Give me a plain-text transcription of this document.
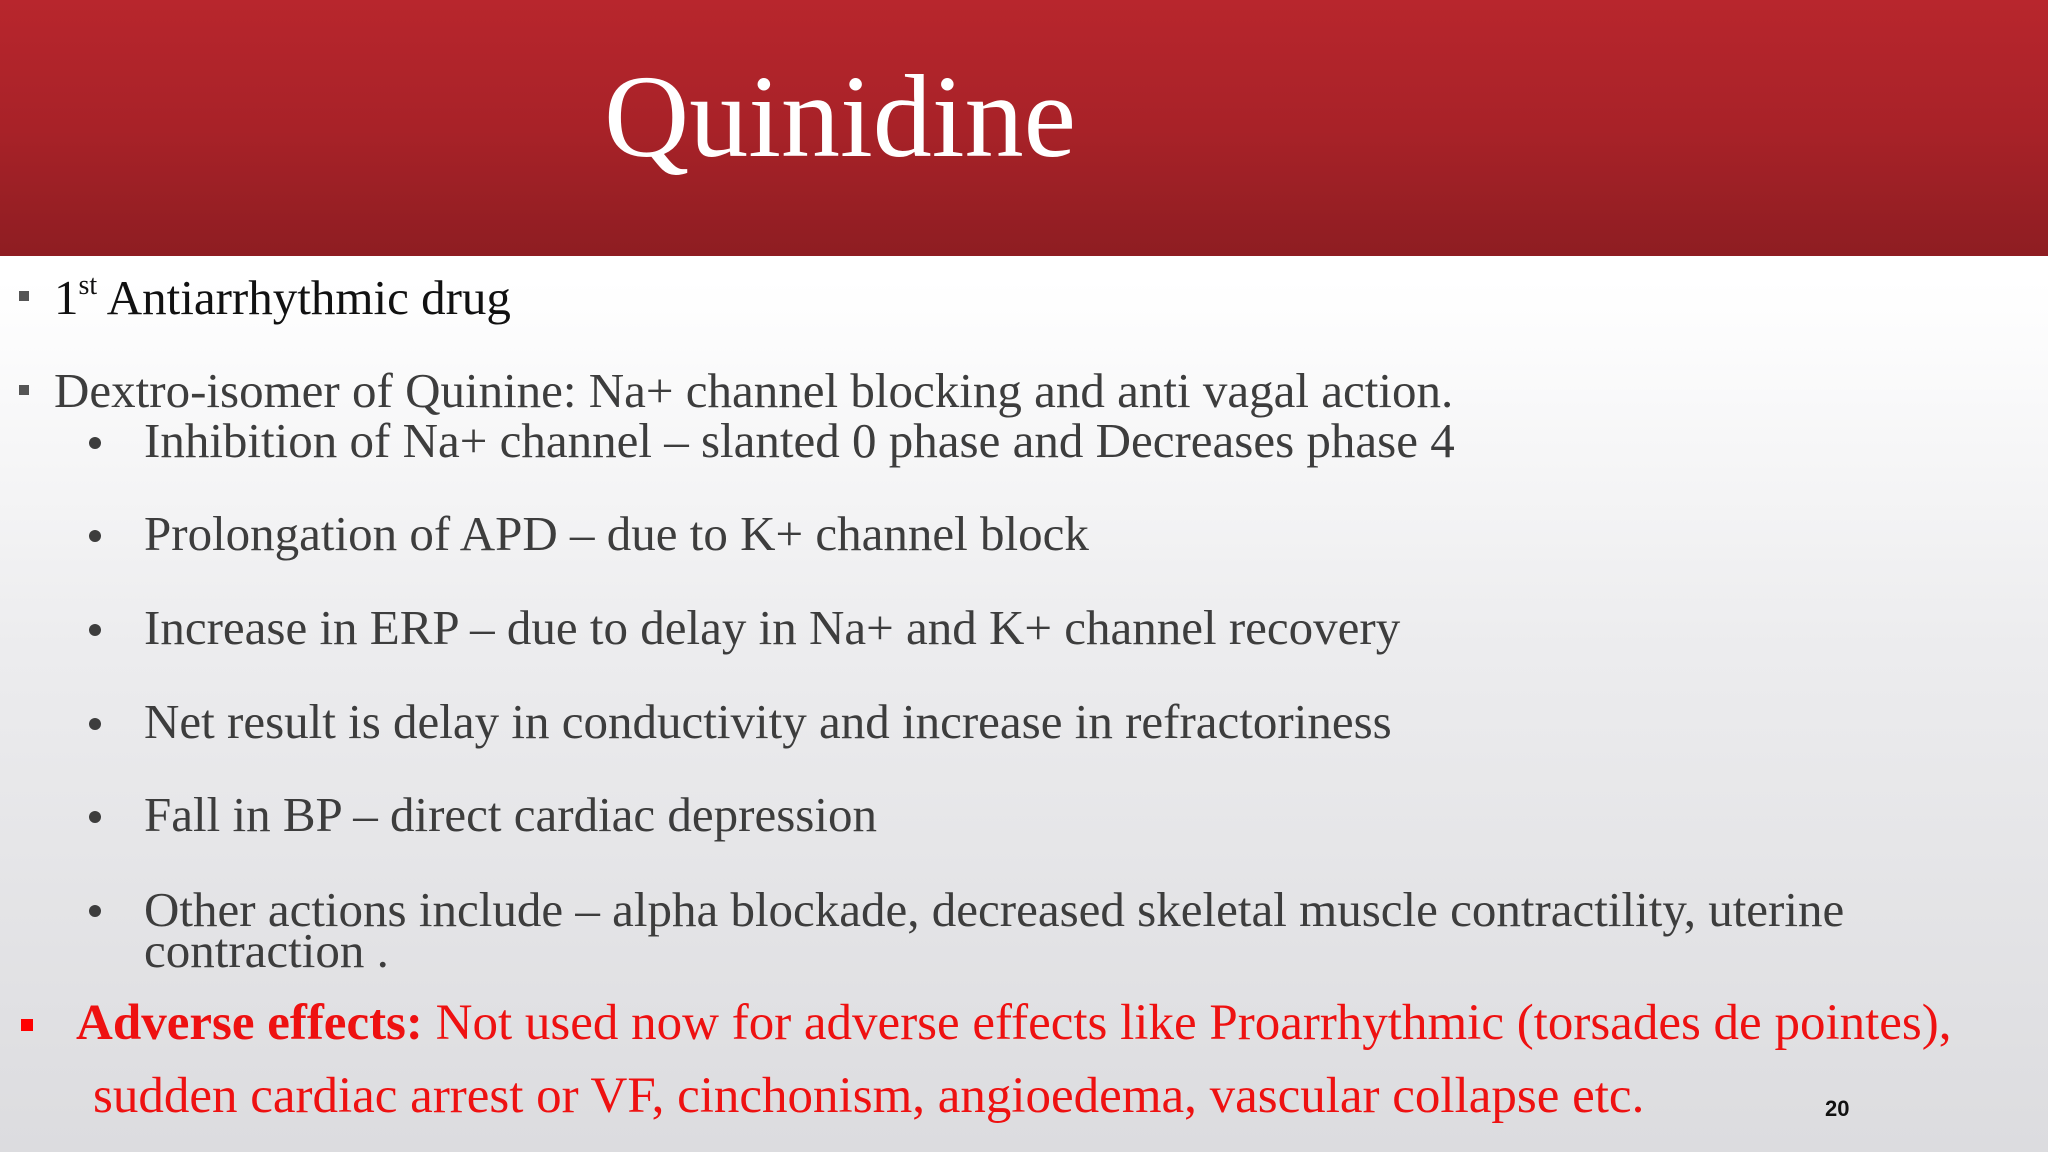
Quinidine
1st Antiarrhythmic drug
Dextro-isomer of Quinine: Na+ channel blocking and anti vagal action.
Inhibition of Na+ channel – slanted 0 phase and Decreases phase 4
Prolongation of APD – due to K+ channel block
Increase in ERP – due to delay in Na+ and K+ channel recovery
Net result is delay in conductivity and increase in refractoriness
Fall in BP – direct cardiac depression
Other actions include – alpha blockade, decreased skeletal muscle contractility, uterine
contraction .
Adverse effects: Not used now for adverse effects like Proarrhythmic (torsades de pointes),
sudden cardiac arrest or VF, cinchonism, angioedema, vascular collapse etc.	20
